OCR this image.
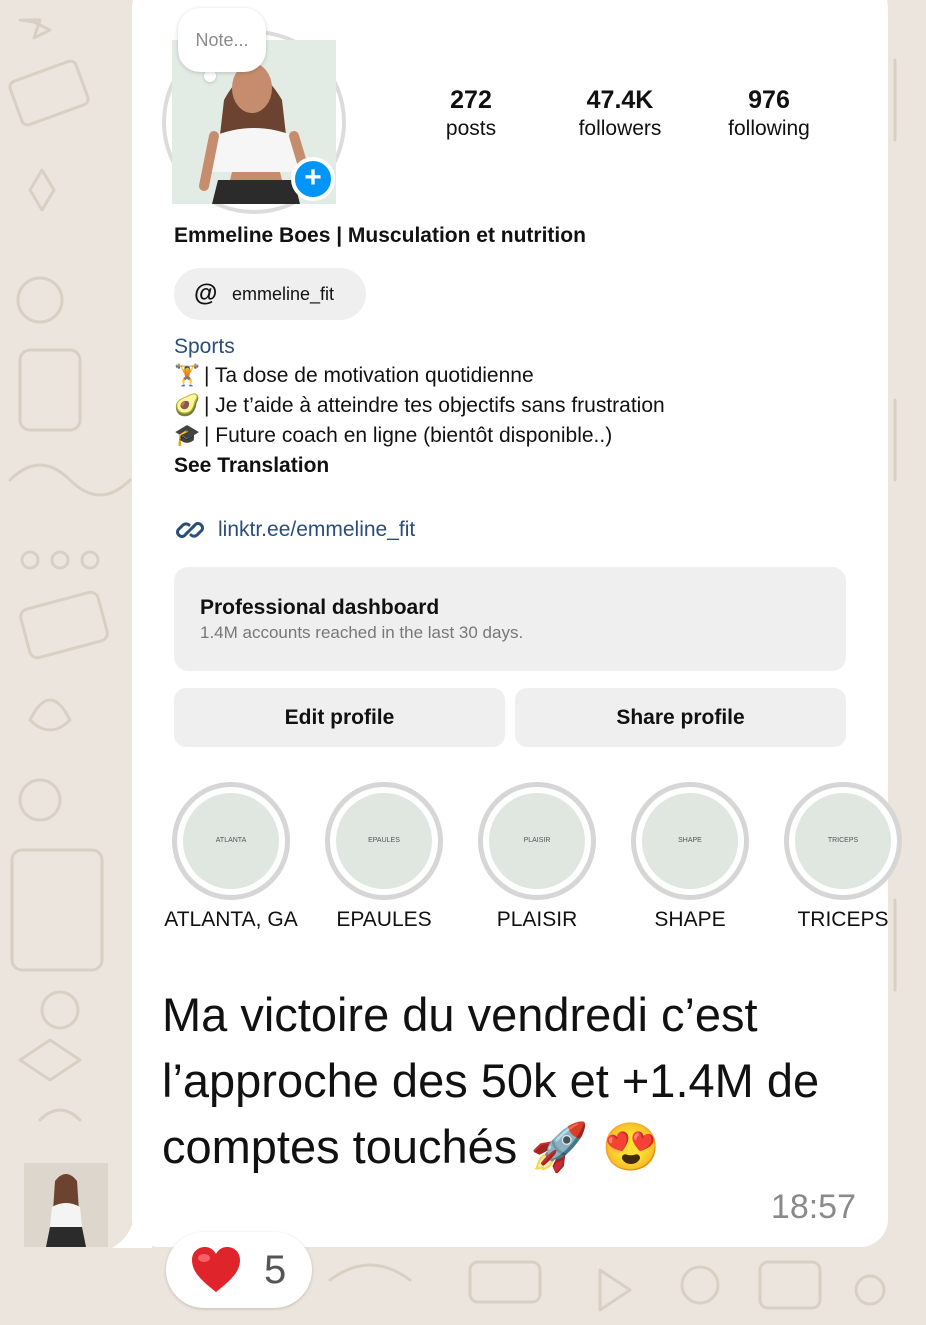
5
+
Note...
272
posts
47.4K
followers
976
following
Emmeline Boes | Musculation et nutrition
@ emmeline_fit
Sports
🏋 | Ta dose de motivation quotidienne
🥑 | Je t’aide à atteindre tes objectifs sans frustration
🎓 | Future coach en ligne (bientôt disponible..)
See Translation
linktr.ee/emmeline_fit
Professional dashboard
1.4M accounts reached in the last 30 days.
Edit profile	Share profile
ATLANTA
ATLANTA, GA
EPAULES
EPAULES
PLAISIR
PLAISIR
SHAPE
SHAPE
TRICEPS
TRICEPS
Ma victoire du vendredi c’est l’approche des 50k et +1.4M de comptes touchés 🚀 😍
18:57
